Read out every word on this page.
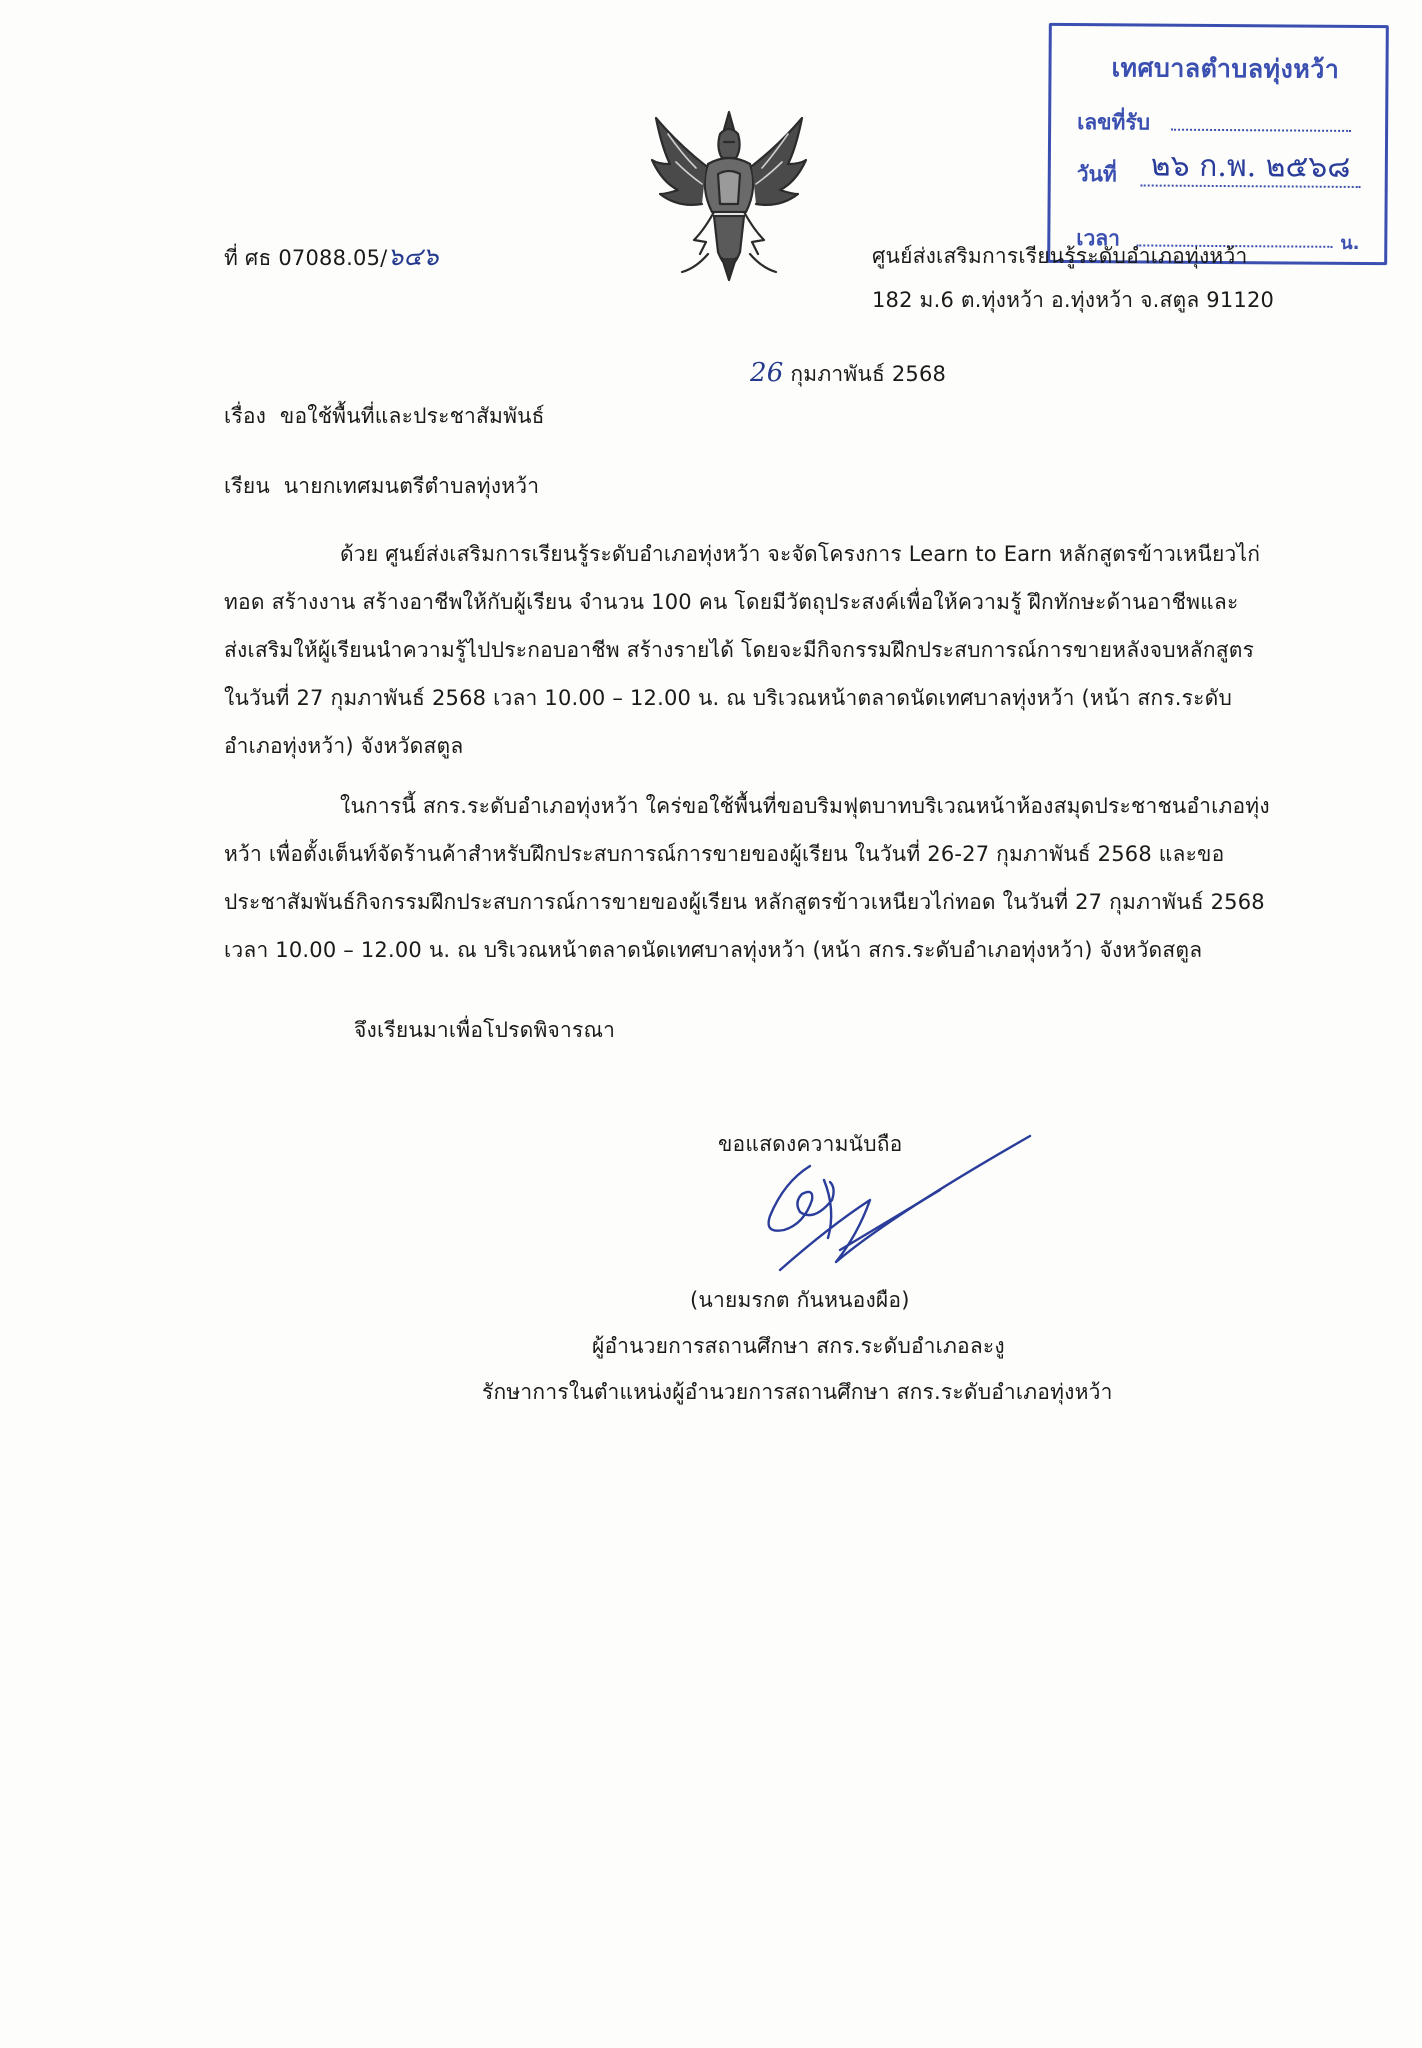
เทศบาลตำบลทุ่งหว้า
เลขที่รับ
วันที่ ๒๖ ก.พ. ๒๕๖๘
เวลา	น.
ที่ ศธ 07088.05/๖๔๖	ศูนย์ส่งเสริมการเรียนรู้ระดับอำเภอทุ่งหว้า
182 ม.6 ต.ทุ่งหว้า อ.ทุ่งหว้า จ.สตูล 91120
26 กุมภาพันธ์ 2568
เรื่อง ขอใช้พื้นที่และประชาสัมพันธ์
เรียน นายกเทศมนตรีตำบลทุ่งหว้า
ด้วย ศูนย์ส่งเสริมการเรียนรู้ระดับอำเภอทุ่งหว้า จะจัดโครงการ Learn to Earn หลักสูตรข้าวเหนียวไก่
ทอด สร้างงาน สร้างอาชีพให้กับผู้เรียน จำนวน 100 คน โดยมีวัตถุประสงค์เพื่อให้ความรู้ ฝึกทักษะด้านอาชีพและ
ส่งเสริมให้ผู้เรียนนำความรู้ไปประกอบอาชีพ สร้างรายได้ โดยจะมีกิจกรรมฝึกประสบการณ์การขายหลังจบหลักสูตร
ในวันที่ 27 กุมภาพันธ์ 2568 เวลา 10.00 – 12.00 น. ณ บริเวณหน้าตลาดนัดเทศบาลทุ่งหว้า (หน้า สกร.ระดับ
อำเภอทุ่งหว้า) จังหวัดสตูล
ในการนี้ สกร.ระดับอำเภอทุ่งหว้า ใคร่ขอใช้พื้นที่ขอบริมฟุตบาทบริเวณหน้าห้องสมุดประชาชนอำเภอทุ่ง
หว้า เพื่อตั้งเต็นท์จัดร้านค้าสำหรับฝึกประสบการณ์การขายของผู้เรียน ในวันที่ 26-27 กุมภาพันธ์ 2568 และขอ
ประชาสัมพันธ์กิจกรรมฝึกประสบการณ์การขายของผู้เรียน หลักสูตรข้าวเหนียวไก่ทอด ในวันที่ 27 กุมภาพันธ์ 2568
เวลา 10.00 – 12.00 น. ณ บริเวณหน้าตลาดนัดเทศบาลทุ่งหว้า (หน้า สกร.ระดับอำเภอทุ่งหว้า) จังหวัดสตูล
จึงเรียนมาเพื่อโปรดพิจารณา
ขอแสดงความนับถือ
(นายมรกต กันหนองผือ)
ผู้อำนวยการสถานศึกษา สกร.ระดับอำเภอละงู
รักษาการในตำแหน่งผู้อำนวยการสถานศึกษา สกร.ระดับอำเภอทุ่งหว้า
